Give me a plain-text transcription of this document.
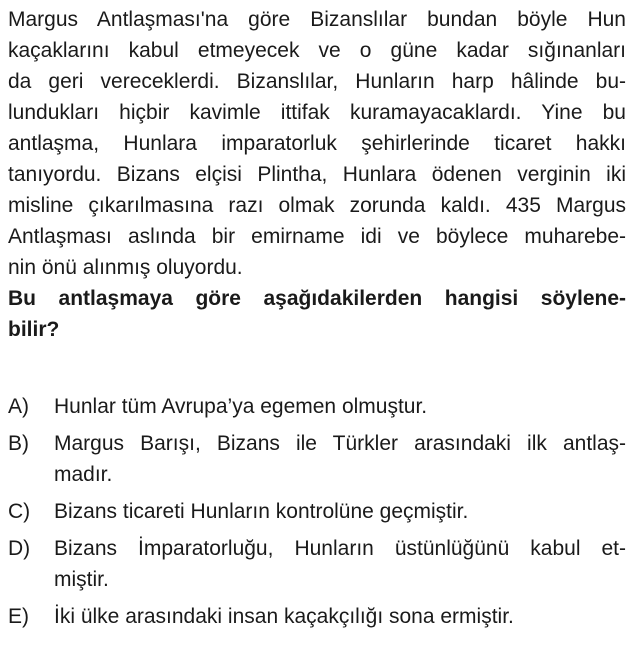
Margus Antlaşması'na göre Bizanslılar bundan böyle Hun
kaçaklarını kabul etmeyecek ve o güne kadar sığınanları
da geri vereceklerdi. Bizanslılar, Hunların harp hâlinde bu-
lundukları hiçbir kavimle ittifak kuramayacaklardı. Yine bu
antlaşma, Hunlara imparatorluk şehirlerinde ticaret hakkı
tanıyordu. Bizans elçisi Plintha, Hunlara ödenen verginin iki
misline çıkarılmasına razı olmak zorunda kaldı. 435 Margus
Antlaşması aslında bir emirname idi ve böylece muharebe-
nin önü alınmış oluyordu.
Bu antlaşmaya göre aşağıdakilerden hangisi söylene-
bilir?
A)	Hunlar tüm Avrupa’ya egemen olmuştur.
B)	Margus Barışı, Bizans ile Türkler arasındaki ilk antlaş-
madır.
C)	Bizans ticareti Hunların kontrolüne geçmiştir.
D)	Bizans İmparatorluğu, Hunların üstünlüğünü kabul et-
miştir.
E)	İki ülke arasındaki insan kaçakçılığı sona ermiştir.
